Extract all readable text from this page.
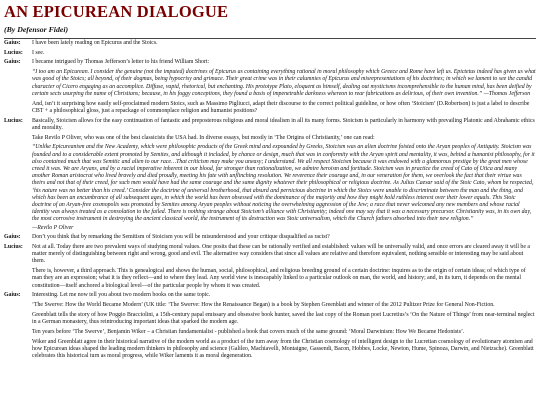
AN EPICUREAN DIALOGUE
(By Defensor Fidei)
Gaius:	I have been lately reading on Epicurus and the Stoics.
Lucius:	I see.
Gaius:	I became intrigued by Thomas Jefferson’s letter to his friend William Short:
“I too am an Epicurean. I consider the genuine (not the imputed) doctrines of Epicurus as containing everything rational in moral philosophy which Greece and Rome have left us. Epictetus indeed has given us what was good of the Stoics; all beyond, of their dogmas, being hypocrisy and grimace. Their great crime was in their calumnies of Epicurus and misrepresentations of his doctrines; in which we lament to see the candid character of Cicero engaging as an accomplice. Diffuse, vapid, rhetorical, but enchanting. His prototype Plato, eloquent as himself, dealing out mysticisms incomprehensible to the human mind, has been deified by certain sects usurping the name of Christians; because, in his foggy conceptions, they found a basis of impenetrable darkness whereon to rear fabrications as delirious, of their own invention.” —Thomas Jefferson
And, isn’t it surprising how easily self-proclaimed modern Stoics, such as Massimo Pigliucci, adapt their discourse to the correct political guideline, or how often ‘Stoicism’ (D.Robertson) is just a label to describe CBT + a philosophical gloss, just a repackage of commonplace religion and humanist positions?
Lucius:	Basically, Stoicism allows for the easy continuation of fantastic and preposterous religious and moral idealism in all its many forms. Stoicism is particularly in harmony with prevailing Platonic and Abrahamic ethics and morality.
Take Revilo P Oliver, who was one of the best classicists the USA had. In diverse essays, but mostly in ‘The Origins of Christianity,’ one can read:
“Unlike Epicureanism and the New Academy, which were philosophic products of the Greek mind and expounded by Greeks, Stoicism was an alien doctrine foisted onto the Aryan peoples of Antiquity. Stoicism was founded and to a considerable extent promoted by Semites, and although it included, by chance or design, much that was in conformity with the Aryan spirit and mentality, it was, behind a humanist philosophy, for it also contained much that was Semitic and alien to our race…That criticism may make you uneasy; I understand. We all respect Stoicism because it was endowed with a glamorous prestige by the great men whose creed it was. We are Aryans, and by a racial imperative inherent in our blood, far stronger than rationalization, we admire heroism and fortitude. Stoicism was in practice the creed of Cato of Utica and many another Roman aristocrat who lived bravely and died proudly, meeting his fate with unflinching resolution. We reverence their courage and, in our veneration for them, we overlook the fact that their virtue was theirs and not that of their creed, for such men would have had the same courage and the same dignity whatever their philosophical or religious doctrine. As Julius Caesar said of the Stoic Cato, whom he respected, ‘his nature was no better than his creed.’ Consider the doctrine of universal brotherhood, that absurd and pernicious doctrine in which the Stoics were unable to discriminate between the man and the thing, and which has been an encumbrance of all subsequent ages, in which the world has been obsessed with the dominance of the majority and how they might hold ruthless interest over their lower equals. This Stoic doctrine of an Aryan-free cosmopolis was promoted by Semites among Aryan peoples without noticing the overwhelming aggression of the Jew; a race that never welcomed any new members and whose racial identity was always treated as a consolation to the failed. There is nothing strange about Stoicism’s alliance with Christianity; indeed one may say that it was a necessary precursor. Christianity was, in its own day, the most corrosive instrument in destroying the ancient classical world, the instrument of its destruction was Stoic universalism, which the Church fathers absorbed into their new religion.”
—Revilo P Oliver
Gaius:	Don’t you think that by remarking the Semitism of Stoicism you will be misunderstood and your critique disqualified as racist?
Lucius:	Not at all. Today there are two prevalent ways of studying moral values. One posits that these can be rationally verified and established: values will be universally valid, and once errors are cleared away it will be a matter merely of distinguishing between right and wrong, good and evil. The alternative way considers that since all values are relative and therefore equivalent, nothing sensible or interesting may be said about them.
There is, however, a third approach. This is genealogical and shows the human, social, philosophical, and religious breeding ground of a certain doctrine: inquires as to the origin of certain ideas; of which type of man they are an expression; what it is they reflect—and to where they lead. Any world view is inescapably linked to a particular outlook on man, the world, and history; and, in its turn, it depends on the mental constitution—itself anchored a biological level—of the particular people by whom it was created.
Gaius:	Interesting. Let me now tell you about two modern books on the same topic.
‘The Swerve: How the World Became Modern’ (UK title: ‘The Swerve: How the Renaissance Began) is a book by Stephen Greenblatt and winner of the 2012 Pulitzer Prize for General Non-Fiction.
Greenblatt tells the story of how Poggio Bracciolini, a 15th-century papal emissary and obsessive book hunter, saved the last copy of the Roman poet Lucretius’s ‘On the Nature of Things’ from near-terminal neglect in a German monastery, thus reintroducing important ideas that sparked the modern age.
Ten years before ‘The Swerve’, Benjamin Wiker – a Christian fundamentalist - published a book that covers much of the same ground: ‘Moral Darwinism: How We Became Hedonists’.
Wiker and Greenblatt agree in their historical narrative of the modern world as a product of the turn away from the Christian cosmology of intelligent design to the Lucretian cosmology of evolutionary atomism and how Epicurean ideas shaped the leading modern thinkers in philosophy and science (Galileo, Machiavelli, Montaigne, Gassendi, Bacon, Hobbes, Locke, Newton, Hume, Spinoza, Darwin, and Nietzsche). Greenblatt celebrates this historical turn as moral progress, while Wiker laments it as moral degeneration.
